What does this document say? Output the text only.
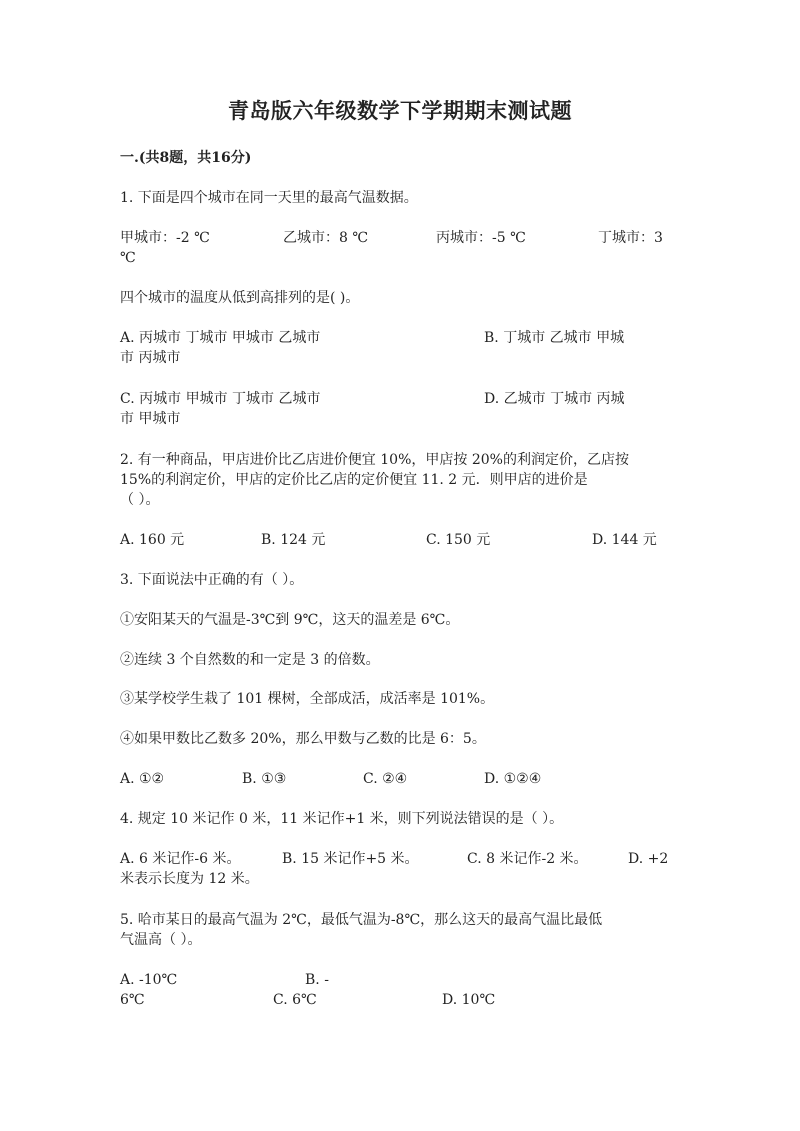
青岛版六年级数学下学期期末测试题
一.(共8题，共16分)
1. 下面是四个城市在同一天里的最高气温数据。
甲城市：-2 ℃	乙城市：8 ℃	丙城市：-5 ℃	丁城市：3
℃
四个城市的温度从低到高排列的是( )。
A. 丙城市 丁城市 甲城市 乙城市	B. 丁城市 乙城市 甲城
市 丙城市
C. 丙城市 甲城市 丁城市 乙城市	D. 乙城市 丁城市 丙城
市 甲城市
2. 有一种商品，甲店进价比乙店进价便宜 10%，甲店按 20%的利润定价，乙店按
15%的利润定价，甲店的定价比乙店的定价便宜 11. 2 元．则甲店的进价是
（ ）。
A. 160 元	B. 124 元	C. 150 元	D. 144 元
3. 下面说法中正确的有（ ）。
①安阳某天的气温是-3℃到 9℃，这天的温差是 6℃。
②连续 3 个自然数的和一定是 3 的倍数。
③某学校学生栽了 101 棵树，全部成活，成活率是 101%。
④如果甲数比乙数多 20%，那么甲数与乙数的比是 6：5。
A. ①②	B. ①③	C. ②④	D. ①②④
4. 规定 10 米记作 0 米，11 米记作+1 米，则下列说法错误的是（ ）。
A. 6 米记作-6 米。	B. 15 米记作+5 米。	C. 8 米记作-2 米。	D. +2
米表示长度为 12 米。
5. 哈市某日的最高气温为 2℃，最低气温为-8℃，那么这天的最高气温比最低
气温高（ ）。
A. -10℃	B. -
6℃	C. 6℃	D. 10℃
